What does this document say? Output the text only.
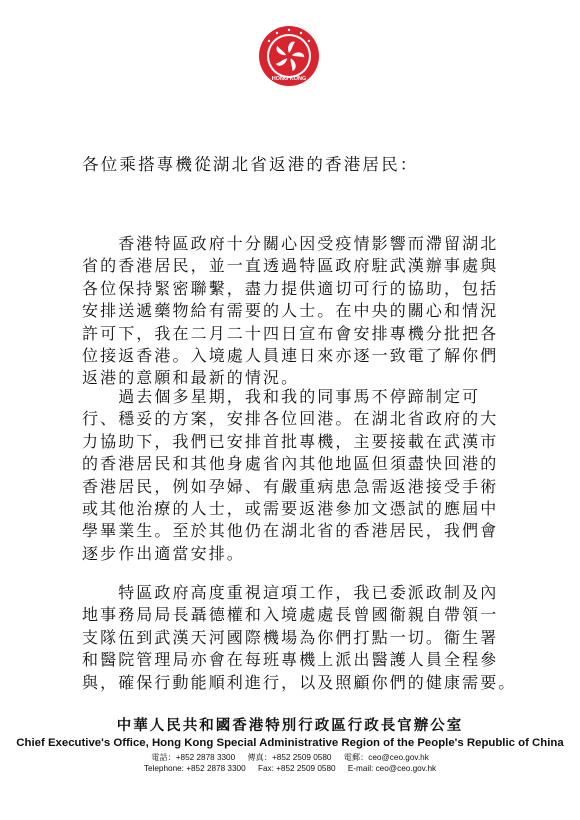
HONG KONG
各位乘搭專機從湖北省返港的香港居民：
　　香港特區政府十分關心因受疫情影響而滯留湖北
省的香港居民，並一直透過特區政府駐武漢辦事處與
各位保持緊密聯繫，盡力提供適切可行的協助，包括
安排送遞藥物給有需要的人士。在中央的關心和情況
許可下，我在二月二十四日宣布會安排專機分批把各
位接返香港。入境處人員連日來亦逐一致電了解你們
返港的意願和最新的情況。
　　過去個多星期，我和我的同事馬不停蹄制定可
行、穩妥的方案，安排各位回港。在湖北省政府的大
力協助下，我們已安排首批專機，主要接載在武漢市
的香港居民和其他身處省內其他地區但須盡快回港的
香港居民，例如孕婦、有嚴重病患急需返港接受手術
或其他治療的人士，或需要返港參加文憑試的應屆中
學畢業生。至於其他仍在湖北省的香港居民，我們會
逐步作出適當安排。
　　特區政府高度重視這項工作，我已委派政制及內
地事務局局長聶德權和入境處處長曾國衞親自帶領一
支隊伍到武漢天河國際機場為你們打點一切。衞生署
和醫院管理局亦會在每班專機上派出醫護人員全程參
與，確保行動能順利進行，以及照顧你們的健康需要。
中華人民共和國香港特別行政區行政長官辦公室
Chief Executive's Office, Hong Kong Special Administrative Region of the People's Republic of China
電話：+852 2878 3300 傳真：+852 2509 0580 電郵：ceo@ceo.gov.hk
Telephone: +852 2878 3300 Fax: +852 2509 0580 E-mail: ceo@ceo.gov.hk
